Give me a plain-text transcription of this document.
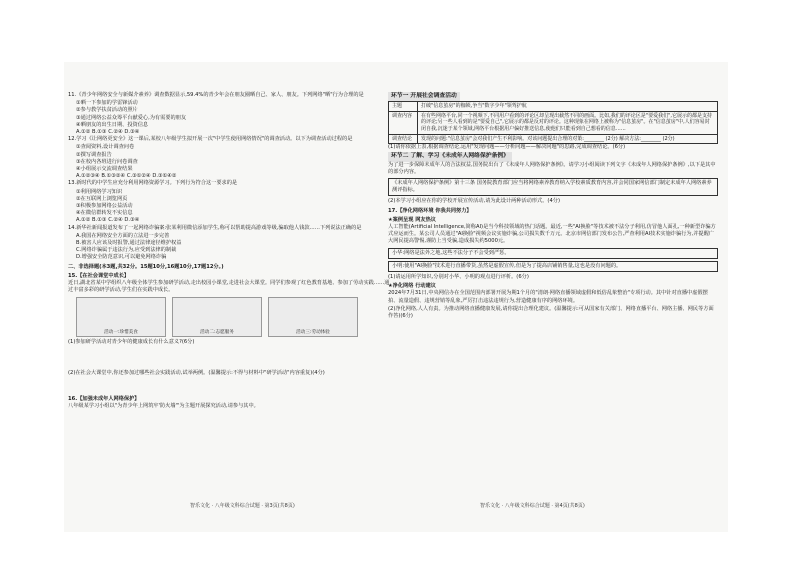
11.《青少年网络安全与新媒介素养》调查数据显示,59.4%的青少年会在朋友圈晒自己、家人、朋友。下列网络"晒"行为合理的是
①晒一下参加的学雷锋活动
②参与教学扶贫活动的照片
③通过网络公益众筹平台献爱心,为有需要的朋友
④晒朋友的出生日期、投资信息
A.①② B.①③ C.②④ D.③④
12.学习《让网络更安全》这一课后,某校八年级学生拟开展一次"中学生使用网络情况"的调查活动。以下为调查活动过程的是
①查阅资料,设计调查问卷
②撰写调查报告
③在校内各班进行问卷调查
④小组展示交流调查结果
A.①②③④ B.①③②④ C.③①②④ D.③①④②
13.新时代的中学生应充分利用网络资源学习。下列行为符合这一要求的是
①利用网络学习知识
②在互联网上浏览网页
③积极参加网络公益活动
④在微信群转发不实信息
A.①② B.①③ C.②④ D.③④
14.新华社新闻报道发布了一起网络诈骗案:张某利用微信添加学生,称可以帮助提高游戏等级,骗取他人钱款……下列说法正确的是
A.我国在网络安全方面的立法进一步完善
B.被害人应该及时报警,通过法律途径维护权益
C.网络诈骗属于违法行为,应受到法律的制裁
D.增强安全防范意识,可以避免网络诈骗
二、非选择题(本3题,共32分。15题10分,16题10分,17题12分。)
15.【在社会课堂中成长】
近日,湖北省某中学组织八年级全体学生参加研学活动,走出校园小课堂,走进社会大课堂。同学们参观了红色教育基地、参加了劳动实践……通过丰富多彩的研学活动,学生们在实践中成长。
活动一:珍惜美食	活动二:志愿服务	活动三:劳动体验
(1)参加研学活动对青少年的健康成长有什么意义?(6分)
(2)在社会大课堂中,你还参加过哪些社会实践活动,试举两例。(温馨提示:不得与材料中"研学活动"内容重复)(4分)
16.【加强未成年人网络保护】
八年级某学习小组以"为青少年上网筑牢'防火墙'"为主题开展探究活动,请参与其中。
智乐文化 · 八年级文科综合试题 · 第3页(共8页)
环节一 开展社会调查活动
主题	打破"信息茧房"的枷锁,争当"数字少年"领驾护航
调查内容	在有些网络平台,同一个视频下,不同用户看到的评论区却呈现出截然不同的画面。比如,我们的评论区是"要爱我们",它展示的都是支持的评论;另一些人看到的是"要爱自己",它展示的都是反对的评论。这种现象在网络上被称为"信息茧房"。在"信息茧房"中,人们容易封闭自我,沉迷于某个领域,网络平台根据用户偏好推送信息,使他们只能看到自己想看的信息……
调查结论	发现的问题:"信息茧房"会对我们产生不利影响。对该问题提出合理的对策:________ (2分) 解决方法:________ (2分)
(1)请你依据上表,根据调查结论,运用"发现问题——分析问题——解决问题"的思路,完成调查结论。(6分)
环节二 了解、学习《未成年人网络保护条例》
为了进一步保障未成年人的合法权益,国务院出台了《未成年人网络保护条例》。请学习小组阅读下列文字《未成年人网络保护条例》,以下是其中的部分内容。
《未成年人网络保护条例》第十三条 国务院教育部门应当将网络素养教育纳入学校素质教育内容,并会同国家网信部门制定未成年人网络素养测评指标。
(2)本学习小组应在你的学校开展宣传活动,请为此设计两种活动形式。(4分)
17.【净化网络环境 你我共同努力】
★案例呈现 网友热议
人工智能(Artificial Intelligence,简称AI)是当今科技领域的热门话题。最近,一些"AI换脸"等技术被不法分子利用,仿冒他人面孔,一种新型诈骗方式应运而生。某公司人员通过"AI换脸"视频会议实施诈骗,公司损失数千万元。北京市网信部门发布公告,严查利用AI技术实施诈骗行为,并提醒广大网民提高警惕,谨防上当受骗,造成损失约5000元。
小华:网络是法外之地,这些不法分子不会受到严惩。
小明:使用"AI换脸"技术进行直播带货,虽然是虚假宣传,但是为了提高店铺销售量,这也是没有问题的。
(1)请运用所学知识,分别对小华、小明的观点进行评析。(6分)
★净化网络 行动建议
2024年7月31日,中央网信办在全国范围内部署开展为期1个月的"清朗·网络直播领域虚假和低俗乱象整治"专项行动。其中针对直播中虚假摆拍、流量造假、违规营销等乱象,严厉打击违法违规行为,营造健康有序的网络环境。
(2)净化网络,人人有责。为推动网络直播健康发展,请你提出合理化建议。(温馨提示:可从国家有关部门、网络直播平台、网络主播、网民等方面作答)(6分)
智乐文化 · 八年级文科综合试题 · 第4页(共8页)
